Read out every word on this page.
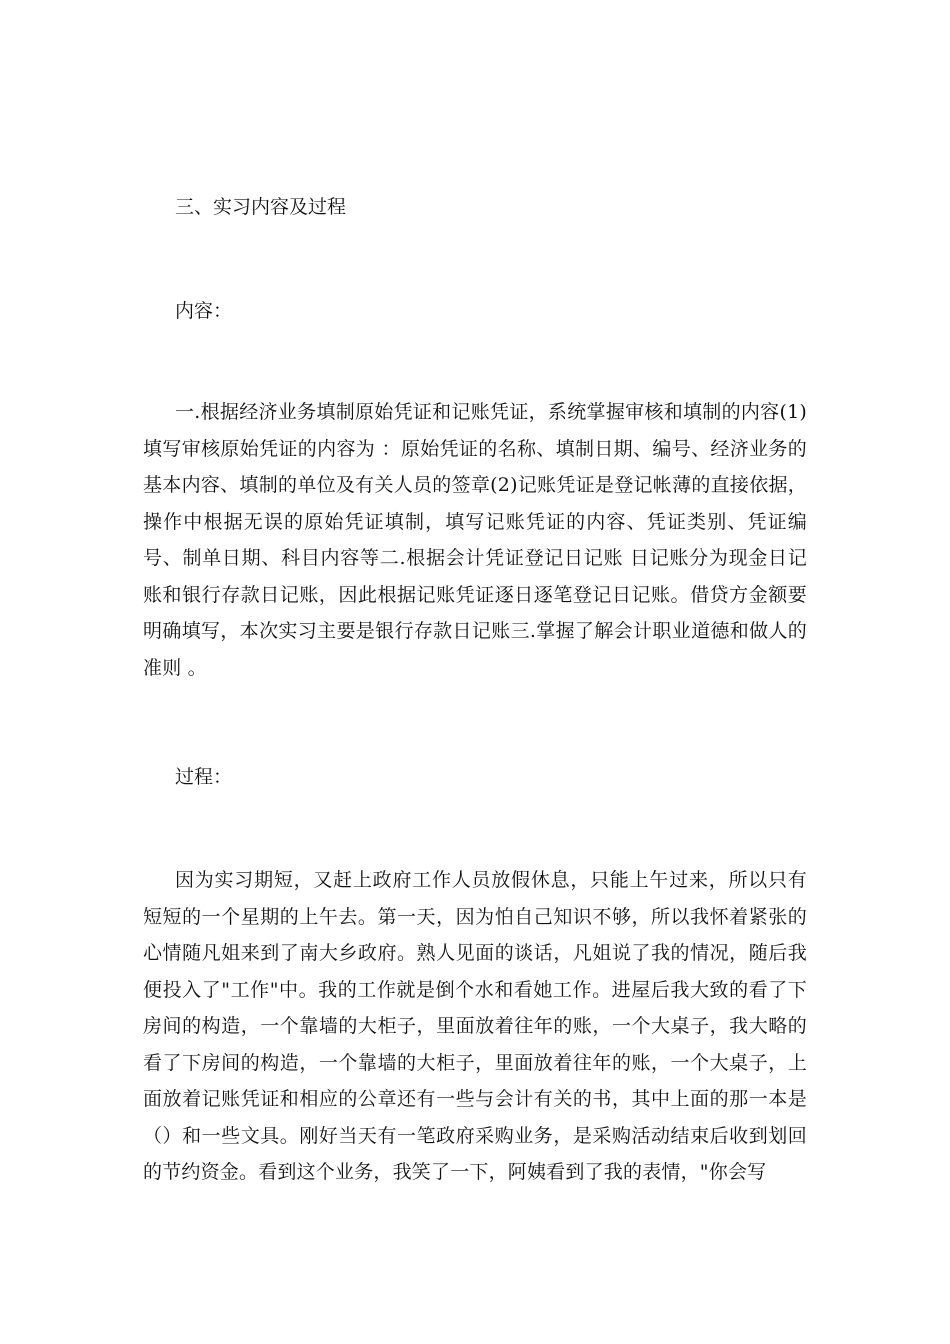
三、实习内容及过程
内容：
一.根据经济业务填制原始凭证和记账凭证，系统掌握审核和填制的内容(1)填写审核原始凭证的内容为 ：原始凭证的名称、填制日期、编号、经济业务的基本内容、填制的单位及有关人员的签章(2)记账凭证是登记帐薄的直接依据，操作中根据无误的原始凭证填制，填写记账凭证的内容、凭证类别、凭证编号、制单日期、科目内容等二.根据会计凭证登记日记账 日记账分为现金日记账和银行存款日记账，因此根据记账凭证逐日逐笔登记日记账。借贷方金额要明确填写，本次实习主要是银行存款日记账三.掌握了解会计职业道德和做人的准则 。
过程：
因为实习期短，又赶上政府工作人员放假休息，只能上午过来，所以只有短短的一个星期的上午去。第一天，因为怕自己知识不够，所以我怀着紧张的心情随凡姐来到了南大乡政府。熟人见面的谈话，凡姐说了我的情况，随后我便投入了"工作"中。我的工作就是倒个水和看她工作。进屋后我大致的看了下房间的构造，一个靠墙的大柜子，里面放着往年的账，一个大桌子，我大略的看了下房间的构造，一个靠墙的大柜子，里面放着往年的账，一个大桌子，上面放着记账凭证和相应的公章还有一些与会计有关的书，其中上面的那一本是（）和一些文具。刚好当天有一笔政府采购业务，是采购活动结束后收到划回的节约资金。看到这个业务，我笑了一下，阿姨看到了我的表情，"你会写
